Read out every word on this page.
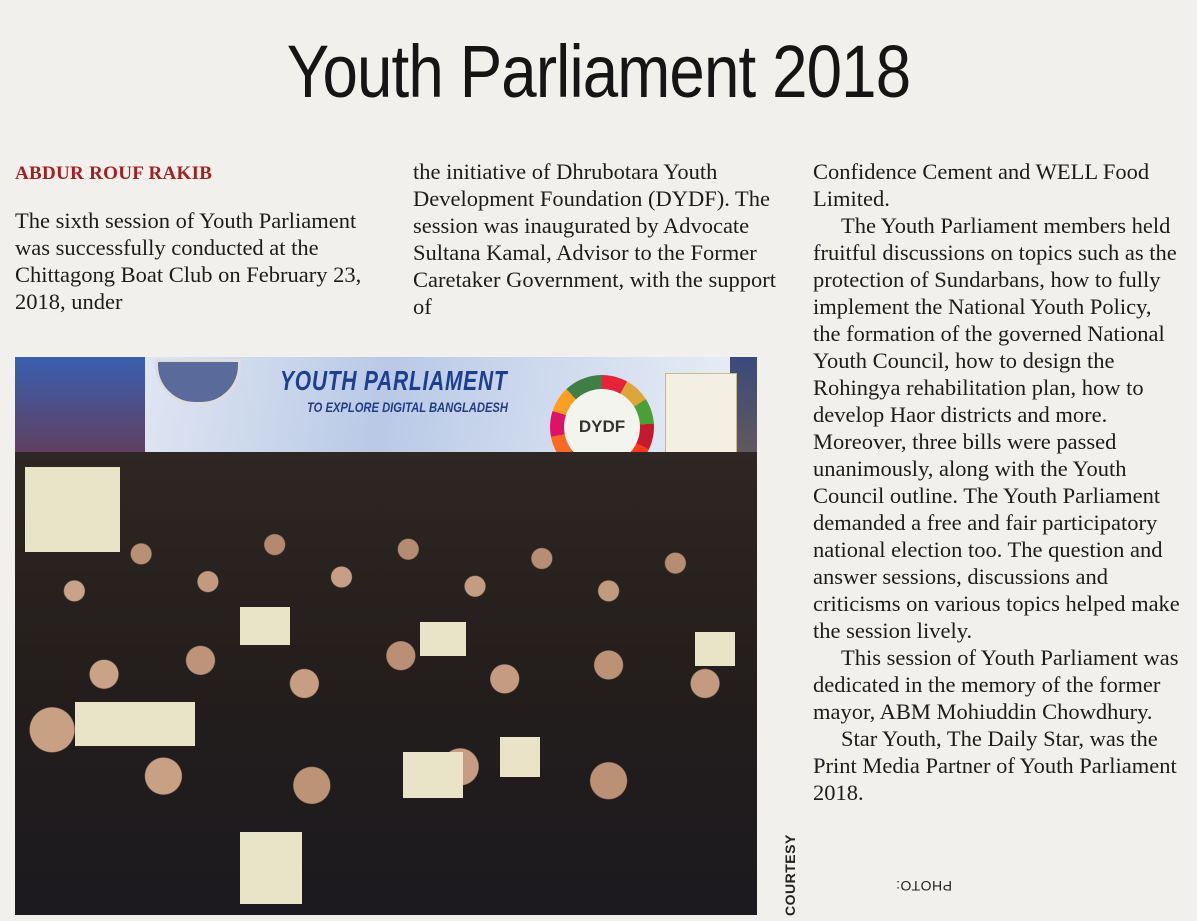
Youth Parliament 2018
ABDUR ROUF RAKIB

The sixth session of Youth Parliament was successfully conducted at the Chittagong Boat Club on February 23, 2018, under

the initiative of Dhrubotara Youth Development Foundation (DYDF). The session was inaugurated by Advocate Sultana Kamal, Advisor to the Former Caretaker Government, with the support of

Confidence Cement and WELL Food Limited.

The Youth Parliament members held fruitful discussions on topics such as the protection of Sundarbans, how to fully implement the National Youth Policy, the formation of the governed National Youth Council, how to design the Rohingya rehabilitation plan, how to develop Haor districts and more. Moreover, three bills were passed unanimously, along with the Youth Council outline. The Youth Parliament demanded a free and fair participatory national election too. The question and answer sessions, discussions and criticisms on various topics helped make the session lively.

This session of Youth Parliament was dedicated in the memory of the former mayor, ABM Mohiuddin Chowdhury.

Star Youth, The Daily Star, was the Print Media Partner of Youth Parliament 2018.

PHOTO:
COURTESY
